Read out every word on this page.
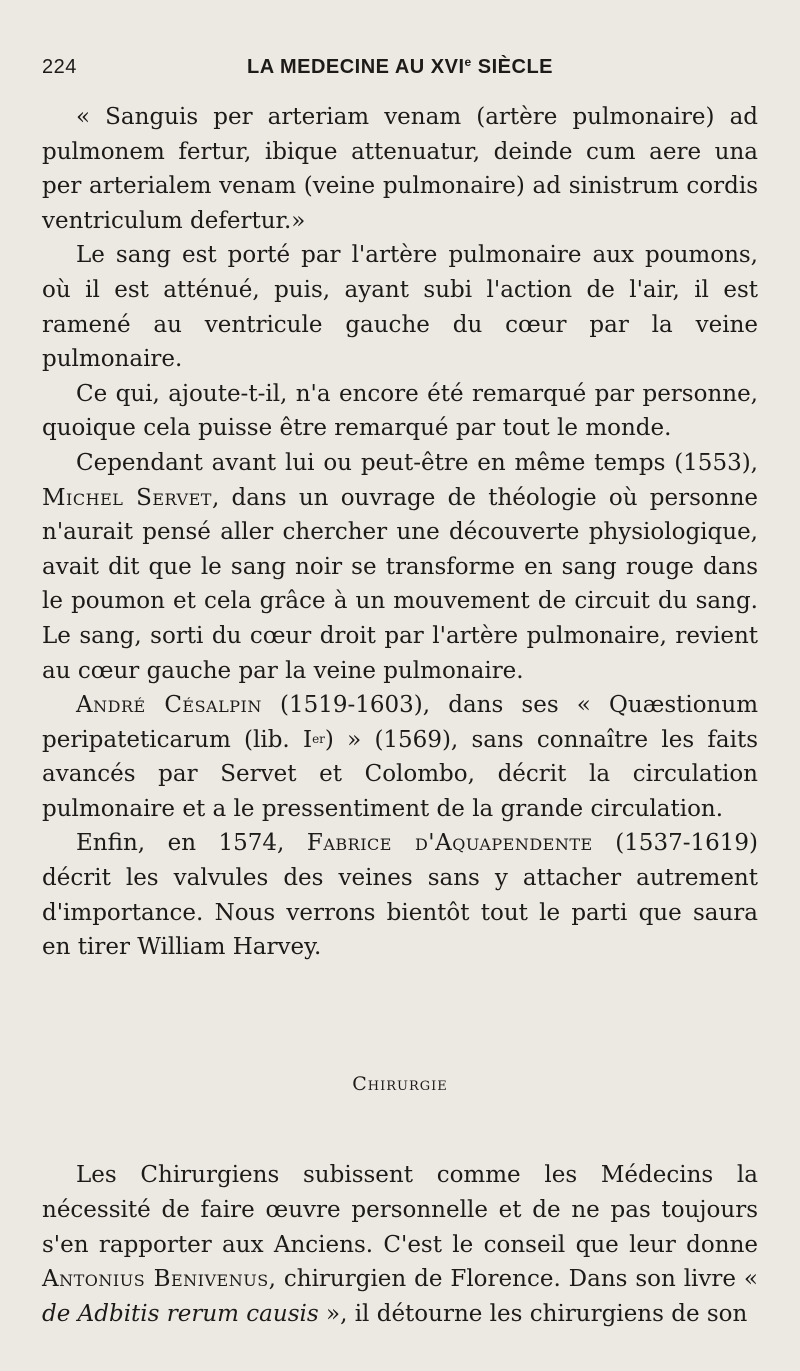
224	LA MEDECINE AU XVIe SIÈCLE

« Sanguis per arteriam venam (artère pulmonaire) ad pulmonem fertur, ibique attenuatur, deinde cum aere una per arterialem venam (veine pulmonaire) ad sinistrum cordis ventriculum defertur.»

Le sang est porté par l'artère pulmonaire aux poumons, où il est atténué, puis, ayant subi l'action de l'air, il est ramené au ventricule gauche du cœur par la veine pulmonaire.

Ce qui, ajoute-t-il, n'a encore été remarqué par personne, quoique cela puisse être remarqué par tout le monde.

Cependant avant lui ou peut-être en même temps (1553), Michel Servet, dans un ouvrage de théologie où personne n'aurait pensé aller chercher une découverte physiologique, avait dit que le sang noir se transforme en sang rouge dans le poumon et cela grâce à un mouvement de circuit du sang. Le sang, sorti du cœur droit par l'artère pulmonaire, revient au cœur gauche par la veine pulmonaire.

André Césalpin (1519-1603), dans ses « Quæstionum peripateticarum (lib. Ier) » (1569), sans connaître les faits avancés par Servet et Colombo, décrit la circulation pulmonaire et a le pressentiment de la grande circulation.

Enfin, en 1574, Fabrice d'Aquapendente (1537-1619) décrit les valvules des veines sans y attacher autrement d'importance. Nous verrons bientôt tout le parti que saura en tirer William Harvey.

Chirurgie

Les Chirurgiens subissent comme les Médecins la nécessité de faire œuvre personnelle et de ne pas toujours s'en rapporter aux Anciens. C'est le conseil que leur donne Antonius Benivenus, chirurgien de Florence. Dans son livre « de Adbitis rerum causis », il détourne les chirurgiens de son
